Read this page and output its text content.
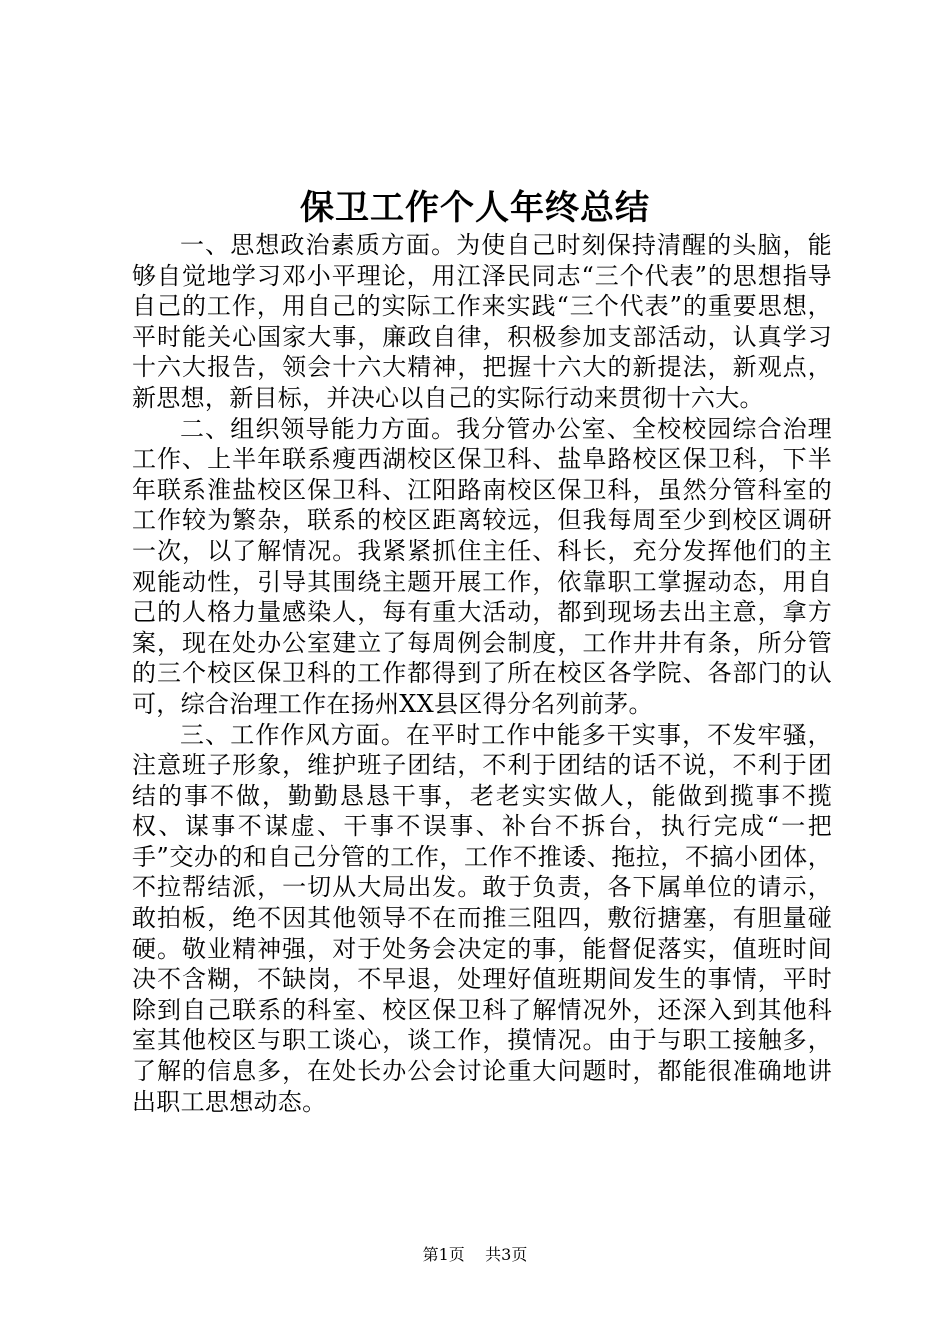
保卫工作个人年终总结

一、思想政治素质方面。为使自己时刻保持清醒的头脑，能够自觉地学习邓小平理论，用江泽民同志“三个代表”的思想指导自己的工作，用自己的实际工作来实践“三个代表”的重要思想，平时能关心国家大事，廉政自律，积极参加支部活动，认真学习十六大报告，领会十六大精神，把握十六大的新提法，新观点，新思想，新目标，并决心以自己的实际行动来贯彻十六大。

二、组织领导能力方面。我分管办公室、全校校园综合治理工作、上半年联系瘦西湖校区保卫科、盐阜路校区保卫科，下半年联系淮盐校区保卫科、江阳路南校区保卫科，虽然分管科室的工作较为繁杂，联系的校区距离较远，但我每周至少到校区调研一次，以了解情况。我紧紧抓住主任、科长，充分发挥他们的主观能动性，引导其围绕主题开展工作，依靠职工掌握动态，用自己的人格力量感染人，每有重大活动，都到现场去出主意，拿方案，现在处办公室建立了每周例会制度，工作井井有条，所分管的三个校区保卫科的工作都得到了所在校区各学院、各部门的认可，综合治理工作在扬州XX县区得分名列前茅。

三、工作作风方面。在平时工作中能多干实事，不发牢骚，注意班子形象，维护班子团结，不利于团结的话不说，不利于团结的事不做，勤勤恳恳干事，老老实实做人，能做到揽事不揽权、谋事不谋虚、干事不误事、补台不拆台，执行完成“一把手”交办的和自己分管的工作，工作不推诿、拖拉，不搞小团体，不拉帮结派，一切从大局出发。敢于负责，各下属单位的请示，敢拍板，绝不因其他领导不在而推三阻四，敷衍搪塞，有胆量碰硬。敬业精神强，对于处务会决定的事，能督促落实，值班时间决不含糊，不缺岗，不早退，处理好值班期间发生的事情，平时除到自己联系的科室、校区保卫科了解情况外，还深入到其他科室其他校区与职工谈心，谈工作，摸情况。由于与职工接触多，了解的信息多，在处长办公会讨论重大问题时，都能很准确地讲出职工思想动态。

第1页 共3页
